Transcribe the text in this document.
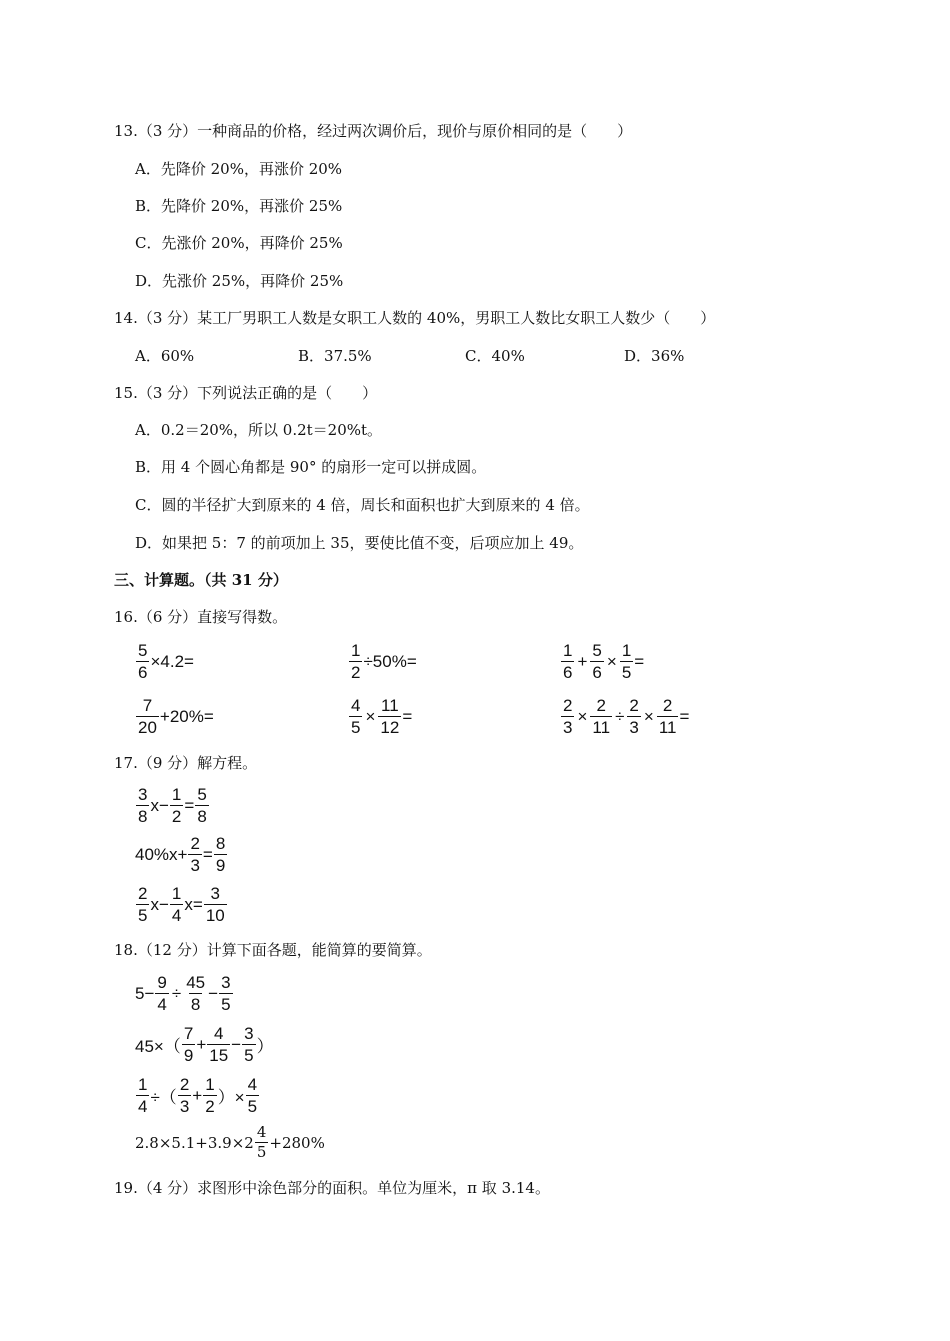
13.（3 分）一种商品的价格，经过两次调价后，现价与原价相同的是（　　）
A．先降价 20%，再涨价 20%
B．先降价 20%，再涨价 25%
C．先涨价 20%，再降价 25%
D．先涨价 25%，再降价 25%
14.（3 分）某工厂男职工人数是女职工人数的 40%，男职工人数比女职工人数少（　　）
A．60%	B．37.5%	C．40%	D．36%
15.（3 分）下列说法正确的是（　　）
A．0.2＝20%，所以 0.2t＝20%t。
B．用 4 个圆心角都是 90° 的扇形一定可以拼成圆。
C．圆的半径扩大到原来的 4 倍，周长和面积也扩大到原来的 4 倍。
D．如果把 5：7 的前项加上 35，要使比值不变，后项应加上 49。
三、计算题。（共 31 分）
16.（6 分）直接写得数。
$\frac{5}{6} \times 4.2=$	$\frac{1}{2} \div 50\%=$	$\frac{1}{6} + \frac{5}{6} \times \frac{1}{5}$ =
$\frac{7}{20} +20\%=$	$\frac{4}{5} \times \frac{11}{12}$ =	$\frac{2}{3} \times \frac{2}{11} \div \frac{2}{3} \times \frac{2}{11}$ =
17.（9 分）解方程。
$\frac{3}{8} x- \frac{1}{2} = \frac{5}{8}$
$40\%x+ \frac{2}{3} = \frac{8}{9}$
$\frac{2}{5} x- \frac{1}{4} x= \frac{3}{10}$
18.（12 分）计算下面各题，能简算的要简算。
$5- \frac{9}{4} \div \frac{45}{8} - \frac{3}{5}$
$45\times( \frac{7}{9} + \frac{4}{15} - \frac{3}{5}$ ）
$\frac{1}{4}$ ÷（ $\frac{2}{3} + \frac{1}{2}$ ）× $\frac{4}{5}$
$2.8\times 5.1+3.9\times 2 \frac{4}{5} +280\%$
19.（4 分）求图形中涂色部分的面积。单位为厘米，π 取 3.14。
